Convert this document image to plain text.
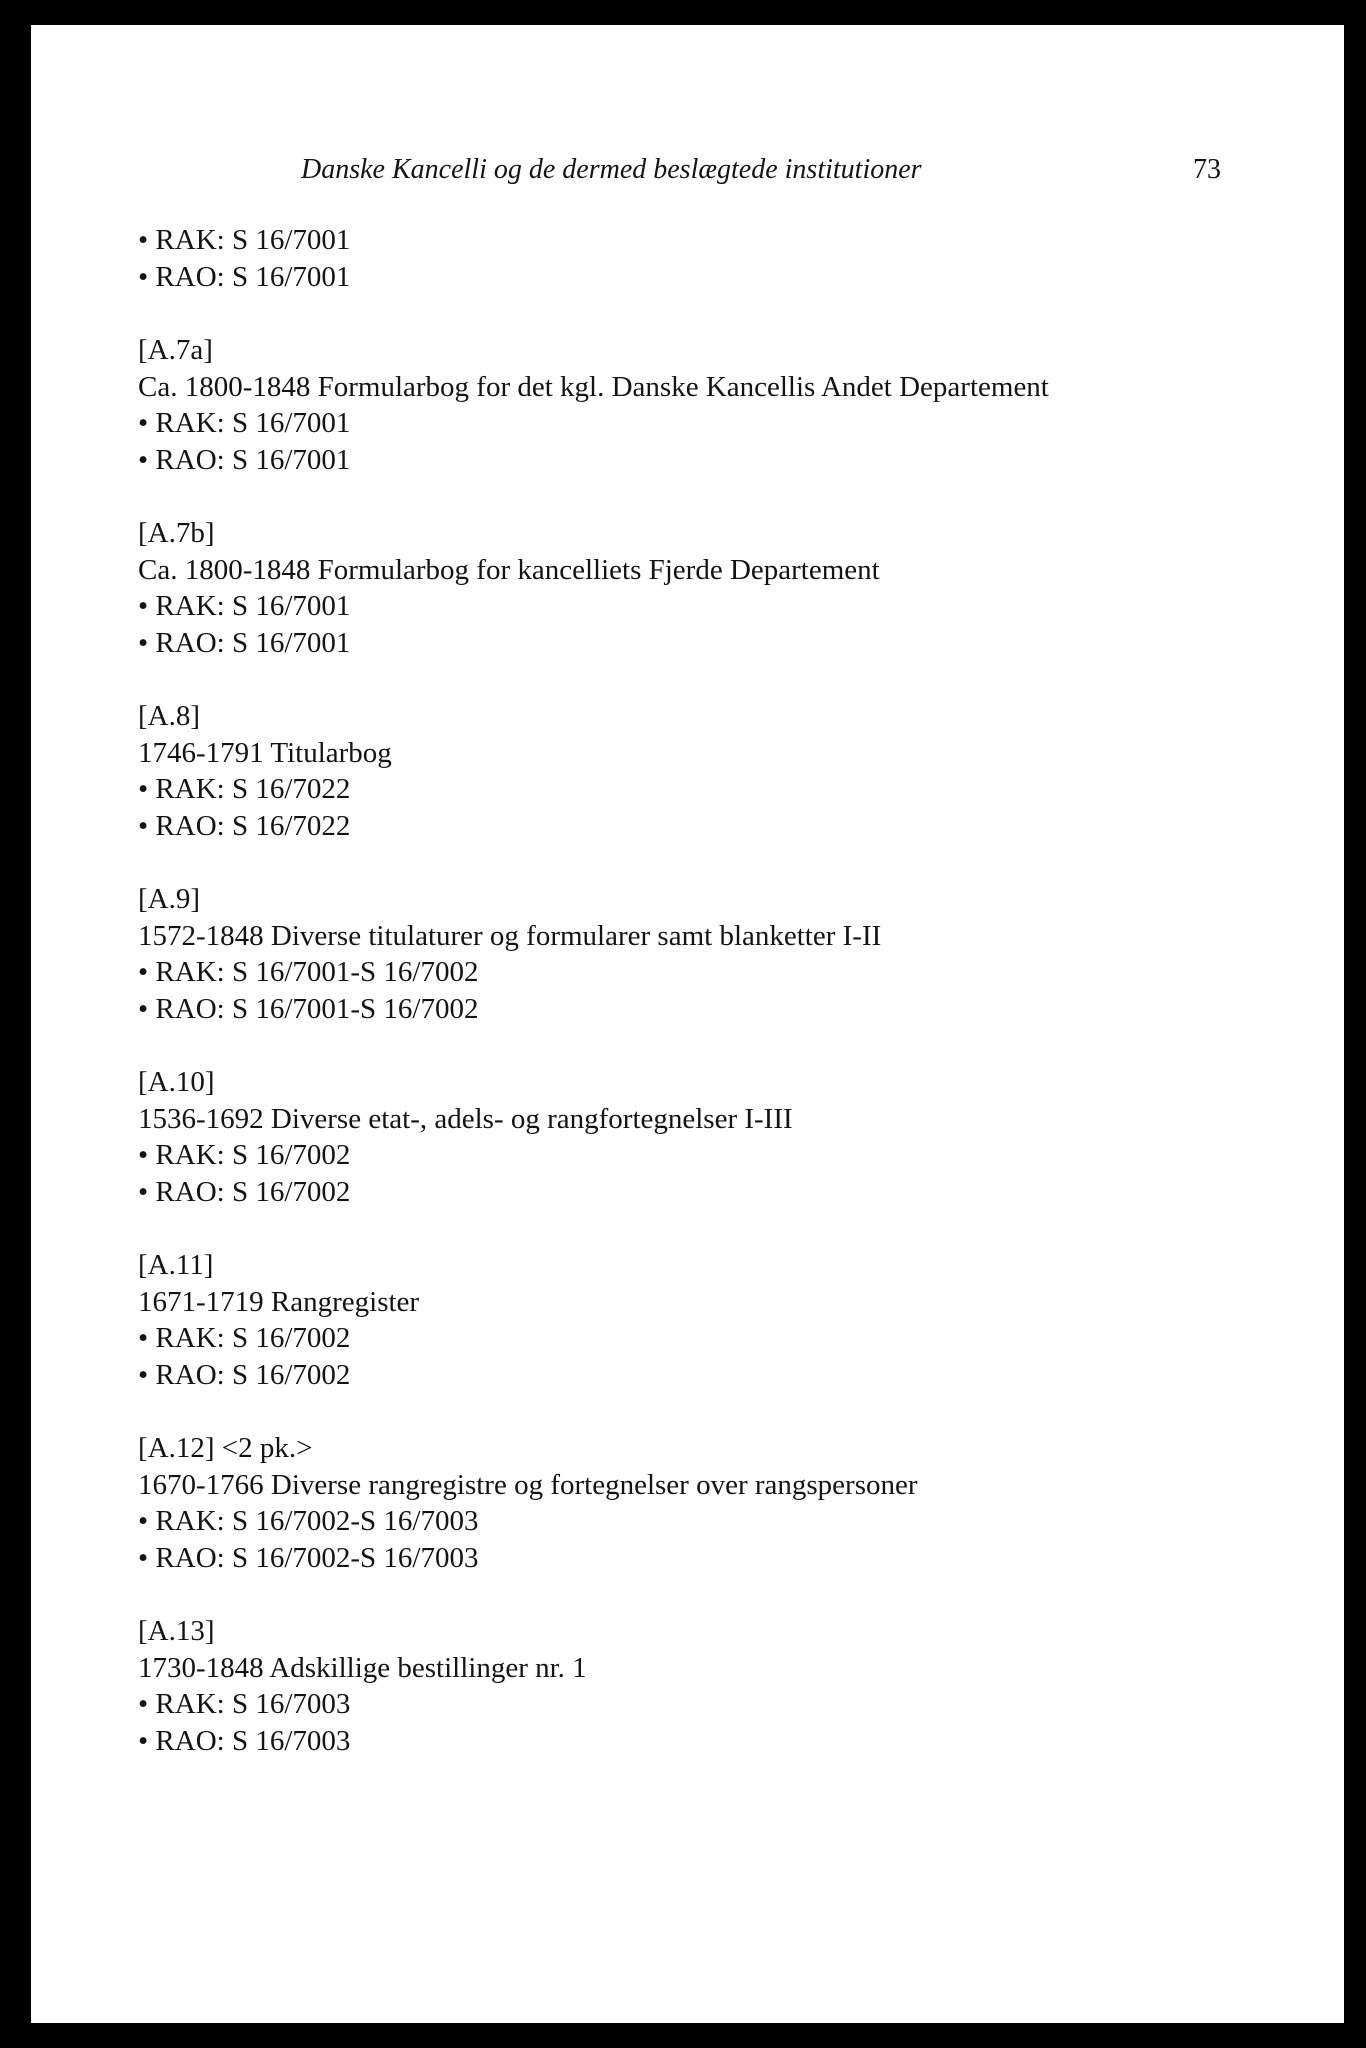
Danske Kancelli og de dermed beslægtede institutioner	73
• RAK: S 16/7001
• RAO: S 16/7001
[A.7a]
Ca. 1800-1848 Formularbog for det kgl. Danske Kancellis Andet Departement
• RAK: S 16/7001
• RAO: S 16/7001
[A.7b]
Ca. 1800-1848 Formularbog for kancelliets Fjerde Departement
• RAK: S 16/7001
• RAO: S 16/7001
[A.8]
1746-1791 Titularbog
• RAK: S 16/7022
• RAO: S 16/7022
[A.9]
1572-1848 Diverse titulaturer og formularer samt blanketter I-II
• RAK: S 16/7001-S 16/7002
• RAO: S 16/7001-S 16/7002
[A.10]
1536-1692 Diverse etat-, adels- og rangfortegnelser I-III
• RAK: S 16/7002
• RAO: S 16/7002
[A.11]
1671-1719 Rangregister
• RAK: S 16/7002
• RAO: S 16/7002
[A.12] <2 pk.>
1670-1766 Diverse rangregistre og fortegnelser over rangspersoner
• RAK: S 16/7002-S 16/7003
• RAO: S 16/7002-S 16/7003
[A.13]
1730-1848 Adskillige bestillinger nr. 1
• RAK: S 16/7003
• RAO: S 16/7003
